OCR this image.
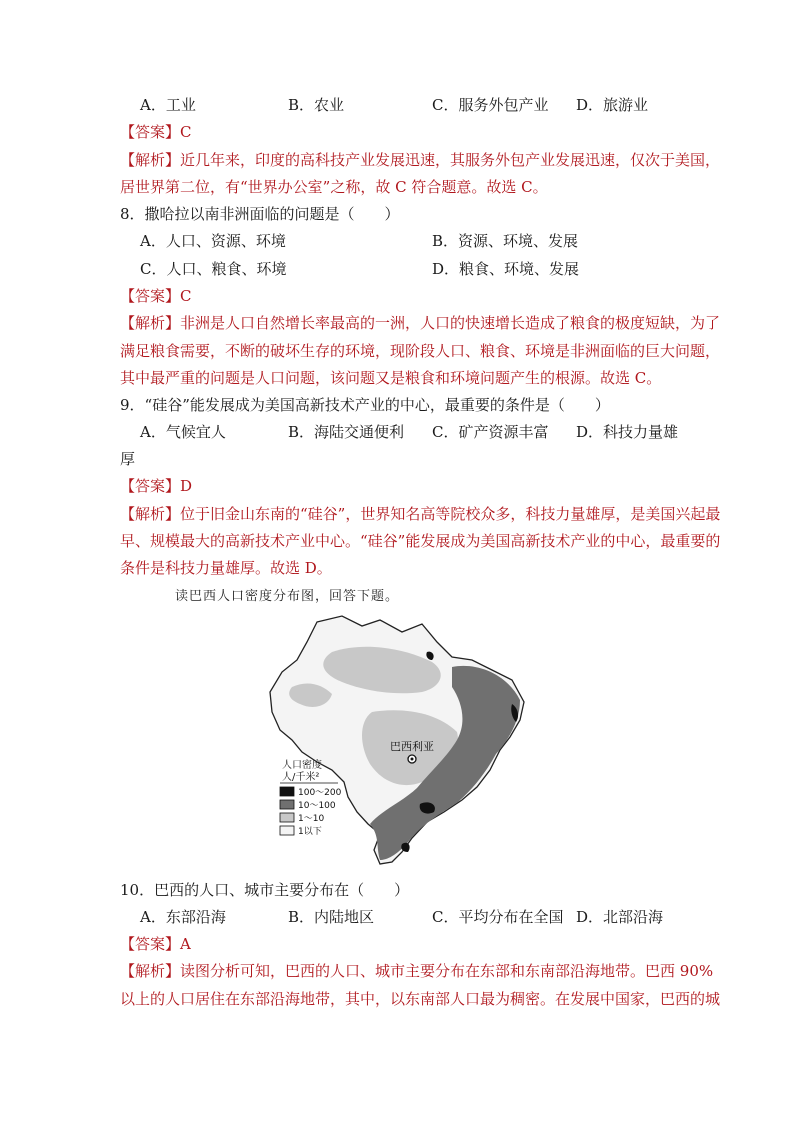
A．工业	B．农业	C．服务外包产业 D．旅游业
【答案】C
【解析】近几年来，印度的高科技产业发展迅速，其服务外包产业发展迅速，仅次于美国，
居世界第二位，有“世界办公室”之称，故 C 符合题意。故选 C。
8．撒哈拉以南非洲面临的问题是（　　）
A．人口、资源、环境	B．资源、环境、发展
C．人口、粮食、环境	D．粮食、环境、发展
【答案】C
【解析】非洲是人口自然增长率最高的一洲，人口的快速增长造成了粮食的极度短缺，为了
满足粮食需要，不断的破坏生存的环境，现阶段人口、粮食、环境是非洲面临的巨大问题，
其中最严重的问题是人口问题，该问题又是粮食和环境问题产生的根源。故选 C。
9．“硅谷”能发展成为美国高新技术产业的中心，最重要的条件是（　　）
A．气候宜人	B．海陆交通便利 C．矿产资源丰富 D．科技力量雄
厚
【答案】D
【解析】位于旧金山东南的“硅谷”，世界知名高等院校众多，科技力量雄厚，是美国兴起最
早、规模最大的高新技术产业中心。“硅谷”能发展成为美国高新技术产业的中心，最重要的
条件是科技力量雄厚。故选 D。
读巴西人口密度分布图，回答下题。
巴西利亚
人口密度
人/千米²
100～200
10～100
1～10
1以下
10．巴西的人口、城市主要分布在（　　）
A．东部沿海	B．内陆地区	C．平均分布在全国 D．北部沿海
【答案】A
【解析】读图分析可知，巴西的人口、城市主要分布在东部和东南部沿海地带。巴西 90%
以上的人口居住在东部沿海地带，其中，以东南部人口最为稠密。在发展中国家，巴西的城
